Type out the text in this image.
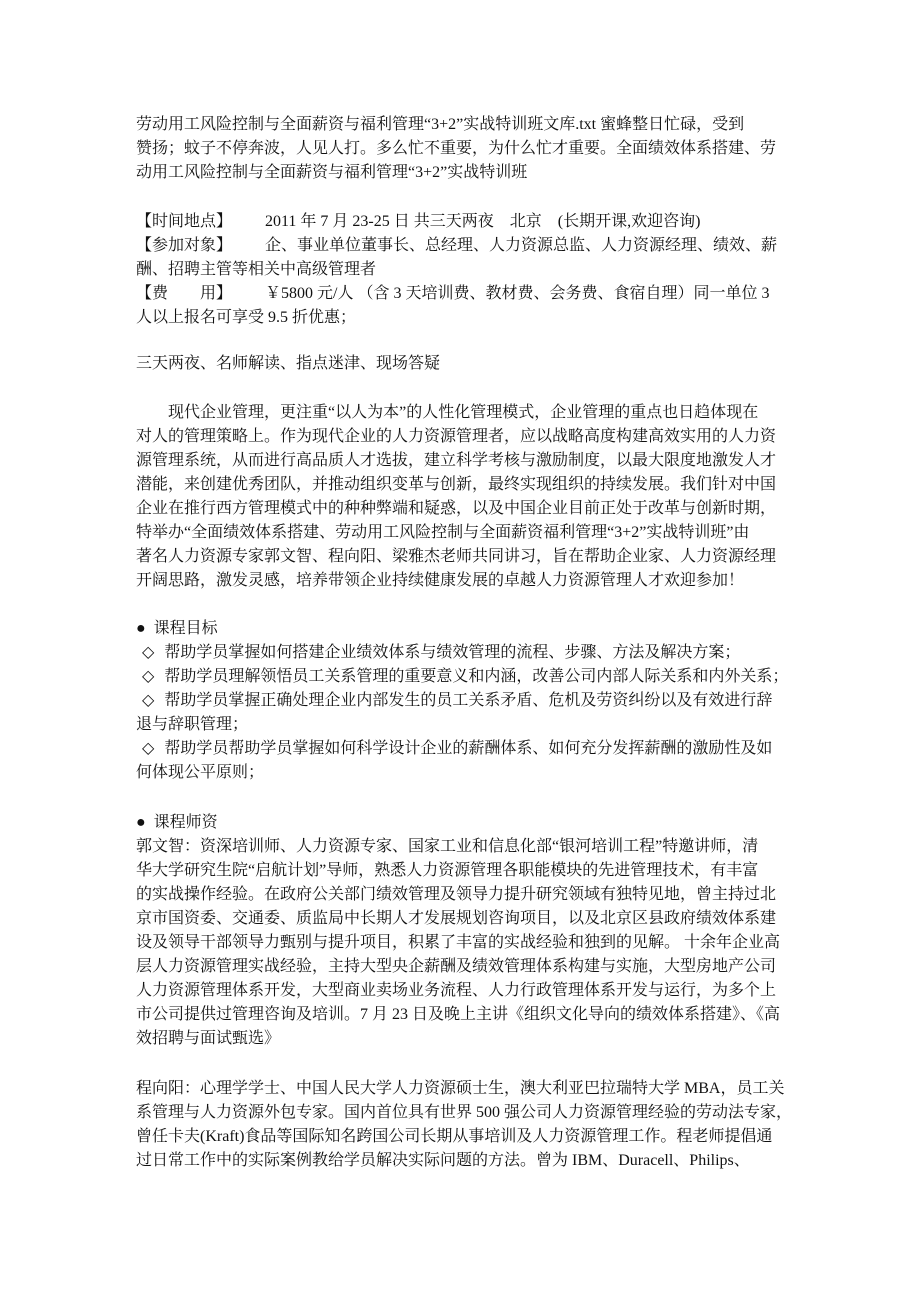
劳动用工风险控制与全面薪资与福利管理“3+2”实战特训班文库.txt 蜜蜂整日忙碌，受到
赞扬；蚊子不停奔波，人见人打。多么忙不重要，为什么忙才重要。全面绩效体系搭建、劳
动用工风险控制与全面薪资与福利管理“3+2”实战特训班
【时间地点】 2011 年 7 月 23-25 日 共三天两夜　北京　(长期开课,欢迎咨询)
【参加对象】 企、事业单位董事长、总经理、人力资源总监、人力资源经理、绩效、薪
酬、招聘主管等相关中高级管理者
【费　　用】 ￥5800 元/人 （含 3 天培训费、教材费、会务费、食宿自理）同一单位 3
人以上报名可享受 9.5 折优惠；
三天两夜、名师解读、指点迷津、现场答疑
现代企业管理，更注重“以人为本”的人性化管理模式，企业管理的重点也日趋体现在
对人的管理策略上。作为现代企业的人力资源管理者，应以战略高度构建高效实用的人力资
源管理系统，从而进行高品质人才选拔，建立科学考核与激励制度，以最大限度地激发人才
潜能，来创建优秀团队，并推动组织变革与创新，最终实现组织的持续发展。我们针对中国
企业在推行西方管理模式中的种种弊端和疑惑，以及中国企业目前正处于改革与创新时期，
特举办“全面绩效体系搭建、劳动用工风险控制与全面薪资福利管理“3+2”实战特训班”由
著名人力资源专家郭文智、程向阳、梁雅杰老师共同讲习，旨在帮助企业家、人力资源经理
开阔思路，激发灵感，培养带领企业持续健康发展的卓越人力资源管理人才欢迎参加！
● 课程目标
◇ 帮助学员掌握如何搭建企业绩效体系与绩效管理的流程、步骤、方法及解决方案；
◇ 帮助学员理解领悟员工关系管理的重要意义和内涵，改善公司内部人际关系和内外关系；
◇ 帮助学员掌握正确处理企业内部发生的员工关系矛盾、危机及劳资纠纷以及有效进行辞
退与辞职管理；
◇ 帮助学员帮助学员掌握如何科学设计企业的薪酬体系、如何充分发挥薪酬的激励性及如
何体现公平原则；
● 课程师资
郭文智：资深培训师、人力资源专家、国家工业和信息化部“银河培训工程”特邀讲师，清
华大学研究生院“启航计划”导师，熟悉人力资源管理各职能模块的先进管理技术，有丰富
的实战操作经验。在政府公关部门绩效管理及领导力提升研究领域有独特见地，曾主持过北
京市国资委、交通委、质监局中长期人才发展规划咨询项目，以及北京区县政府绩效体系建
设及领导干部领导力甄别与提升项目，积累了丰富的实战经验和独到的见解。 十余年企业高
层人力资源管理实战经验，主持大型央企薪酬及绩效管理体系构建与实施，大型房地产公司
人力资源管理体系开发，大型商业卖场业务流程、人力行政管理体系开发与运行，为多个上
市公司提供过管理咨询及培训。7 月 23 日及晚上主讲《组织文化导向的绩效体系搭建》、《高
效招聘与面试甄选》
程向阳：心理学学士、中国人民大学人力资源硕士生，澳大利亚巴拉瑞特大学 MBA，员工关
系管理与人力资源外包专家。国内首位具有世界 500 强公司人力资源管理经验的劳动法专家，
曾任卡夫(Kraft)食品等国际知名跨国公司长期从事培训及人力资源管理工作。程老师提倡通
过日常工作中的实际案例教给学员解决实际问题的方法。曾为 IBM、Duracell、Philips、
